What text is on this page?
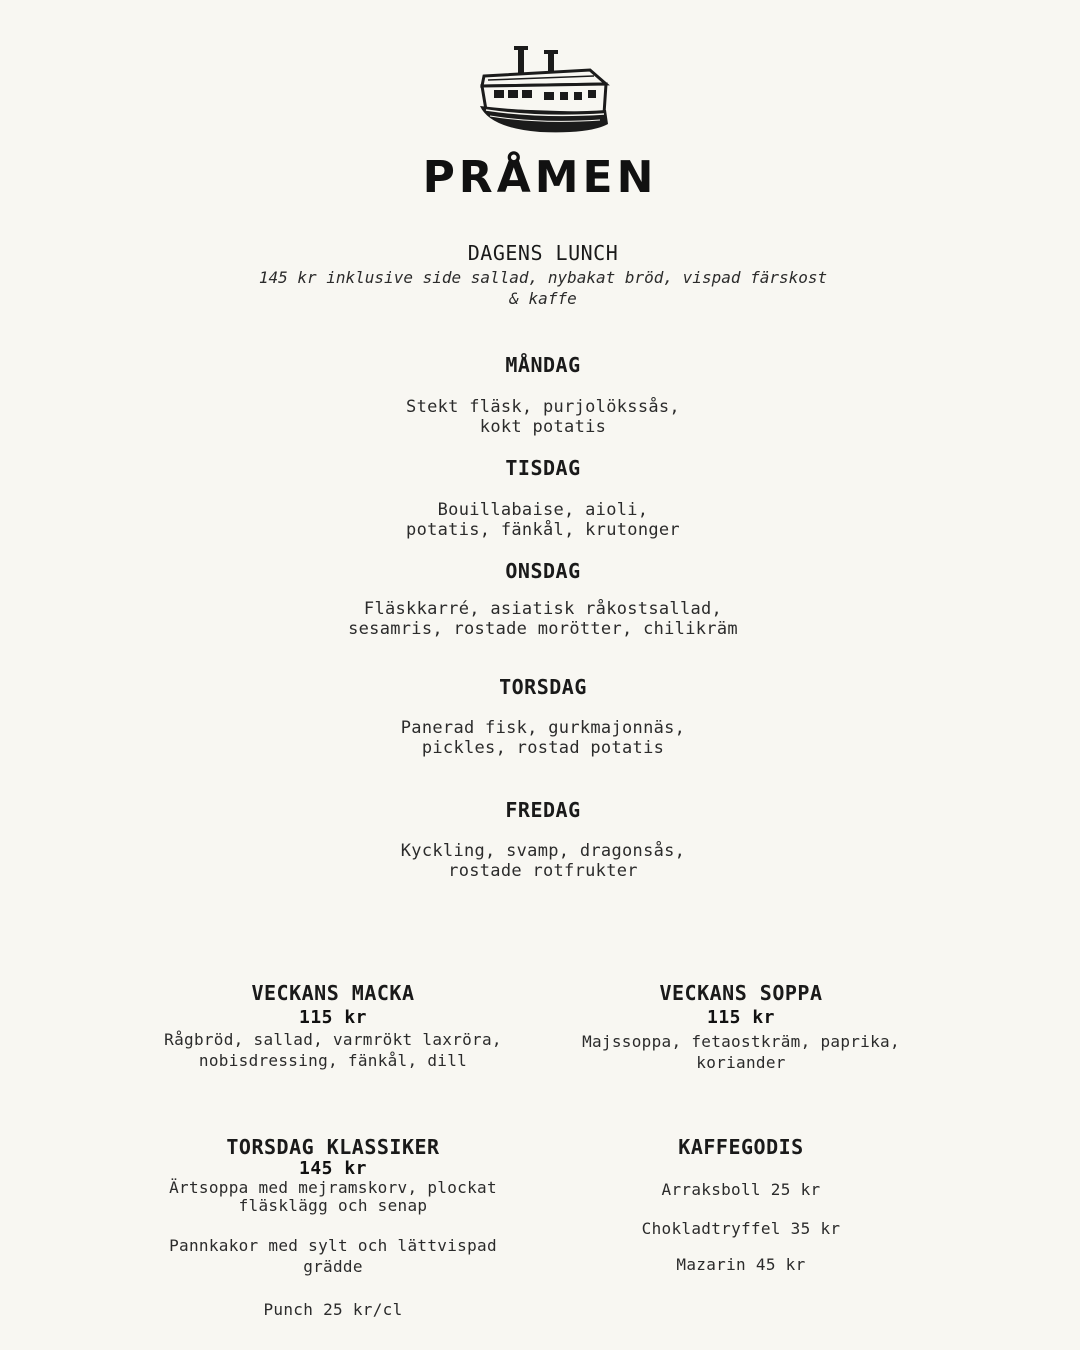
PRÅMEN
DAGENS LUNCH
145 kr inklusive side sallad, nybakat bröd, vispad färskost
& kaffe
MÅNDAG
Stekt fläsk, purjolökssås,
kokt potatis
TISDAG
Bouillabaise, aioli,
potatis, fänkål, krutonger
ONSDAG
Fläskkarré, asiatisk råkostsallad,
sesamris, rostade morötter, chilikräm
TORSDAG
Panerad fisk, gurkmajonnäs,
pickles, rostad potatis
FREDAG
Kyckling, svamp, dragonsås,
rostade rotfrukter
VECKANS MACKA
115 kr
Rågbröd, sallad, varmrökt laxröra,
nobisdressing, fänkål, dill
VECKANS SOPPA
115 kr
Majssoppa, fetaostkräm, paprika,
koriander
TORSDAG KLASSIKER
145 kr
Ärtsoppa med mejramskorv, plockat
fläsklägg och senap
Pannkakor med sylt och lättvispad
grädde
Punch 25 kr/cl
KAFFEGODIS
Arraksboll 25 kr
Chokladtryffel 35 kr
Mazarin 45 kr
